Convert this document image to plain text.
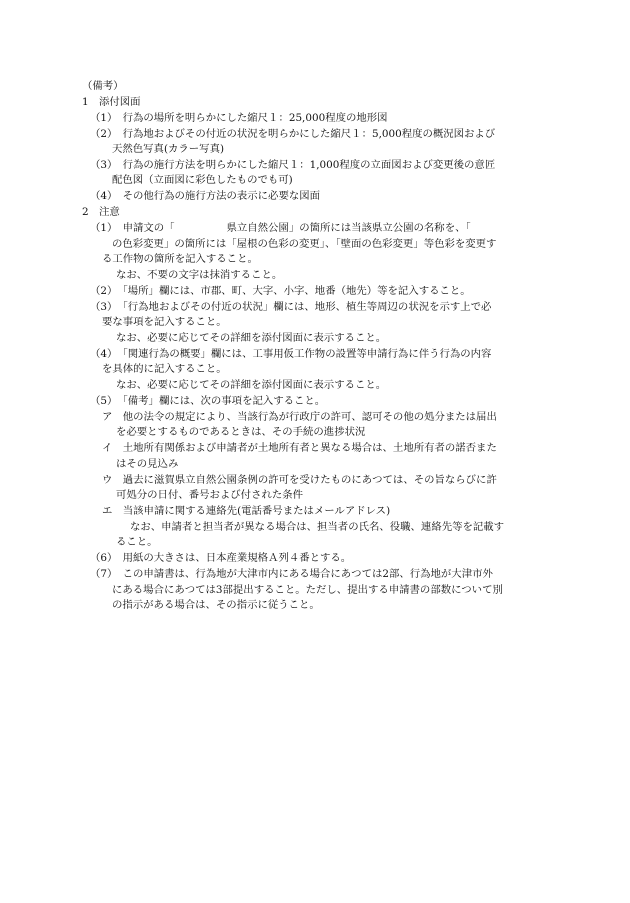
（備考）
1　添付図面
（1）　行為の場所を明らかにした縮尺１：25,000程度の地形図
（2）　行為地およびその付近の状況を明らかにした縮尺１：5,000程度の概況図および
天然色写真(カラー写真)
（3）　行為の施行方法を明らかにした縮尺１：1,000程度の立面図および変更後の意匠
配色図（立面図に彩色したものでも可)
（4）　その他行為の施行方法の表示に必要な図面
2　注意
（1）　申請文の「　　　　　県立自然公園」の箇所には当該県立公園の名称を、「
の色彩変更」の箇所には「屋根の色彩の変更」、「壁面の色彩変更」等色彩を変更す
る工作物の箇所を記入すること。
なお、不要の文字は抹消すること。
（2）　「場所」欄には、市郡、町、大字、小字、地番（地先）等を記入すること。
（3）　「行為地およびその付近の状況」欄には、地形、植生等周辺の状況を示す上で必
要な事項を記入すること。
なお、必要に応じてその詳細を添付図面に表示すること。
（4）　「関連行為の概要」欄には、工事用仮工作物の設置等申請行為に伴う行為の内容
を具体的に記入すること。
なお、必要に応じてその詳細を添付図面に表示すること。
（5）　「備考」欄には、次の事項を記入すること。
ア　他の法令の規定により、当該行為が行政庁の許可、認可その他の処分または届出
を必要とするものであるときは、その手続の進捗状況
イ　土地所有関係および申請者が土地所有者と異なる場合は、土地所有者の諾否また
はその見込み
ウ　過去に滋賀県立自然公園条例の許可を受けたものにあつては、その旨ならびに許
可処分の日付、番号および付された条件
エ　当該申請に関する連絡先(電話番号またはメールアドレス)
なお、申請者と担当者が異なる場合は、担当者の氏名、役職、連絡先等を記載す
ること。
（6）　用紙の大きさは、日本産業規格Ａ列４番とする。
（7）　この申請書は、行為地が大津市内にある場合にあつては2部、行為地が大津市外
にある場合にあつては3部提出すること。ただし、提出する申請書の部数について別
の指示がある場合は、その指示に従うこと。
